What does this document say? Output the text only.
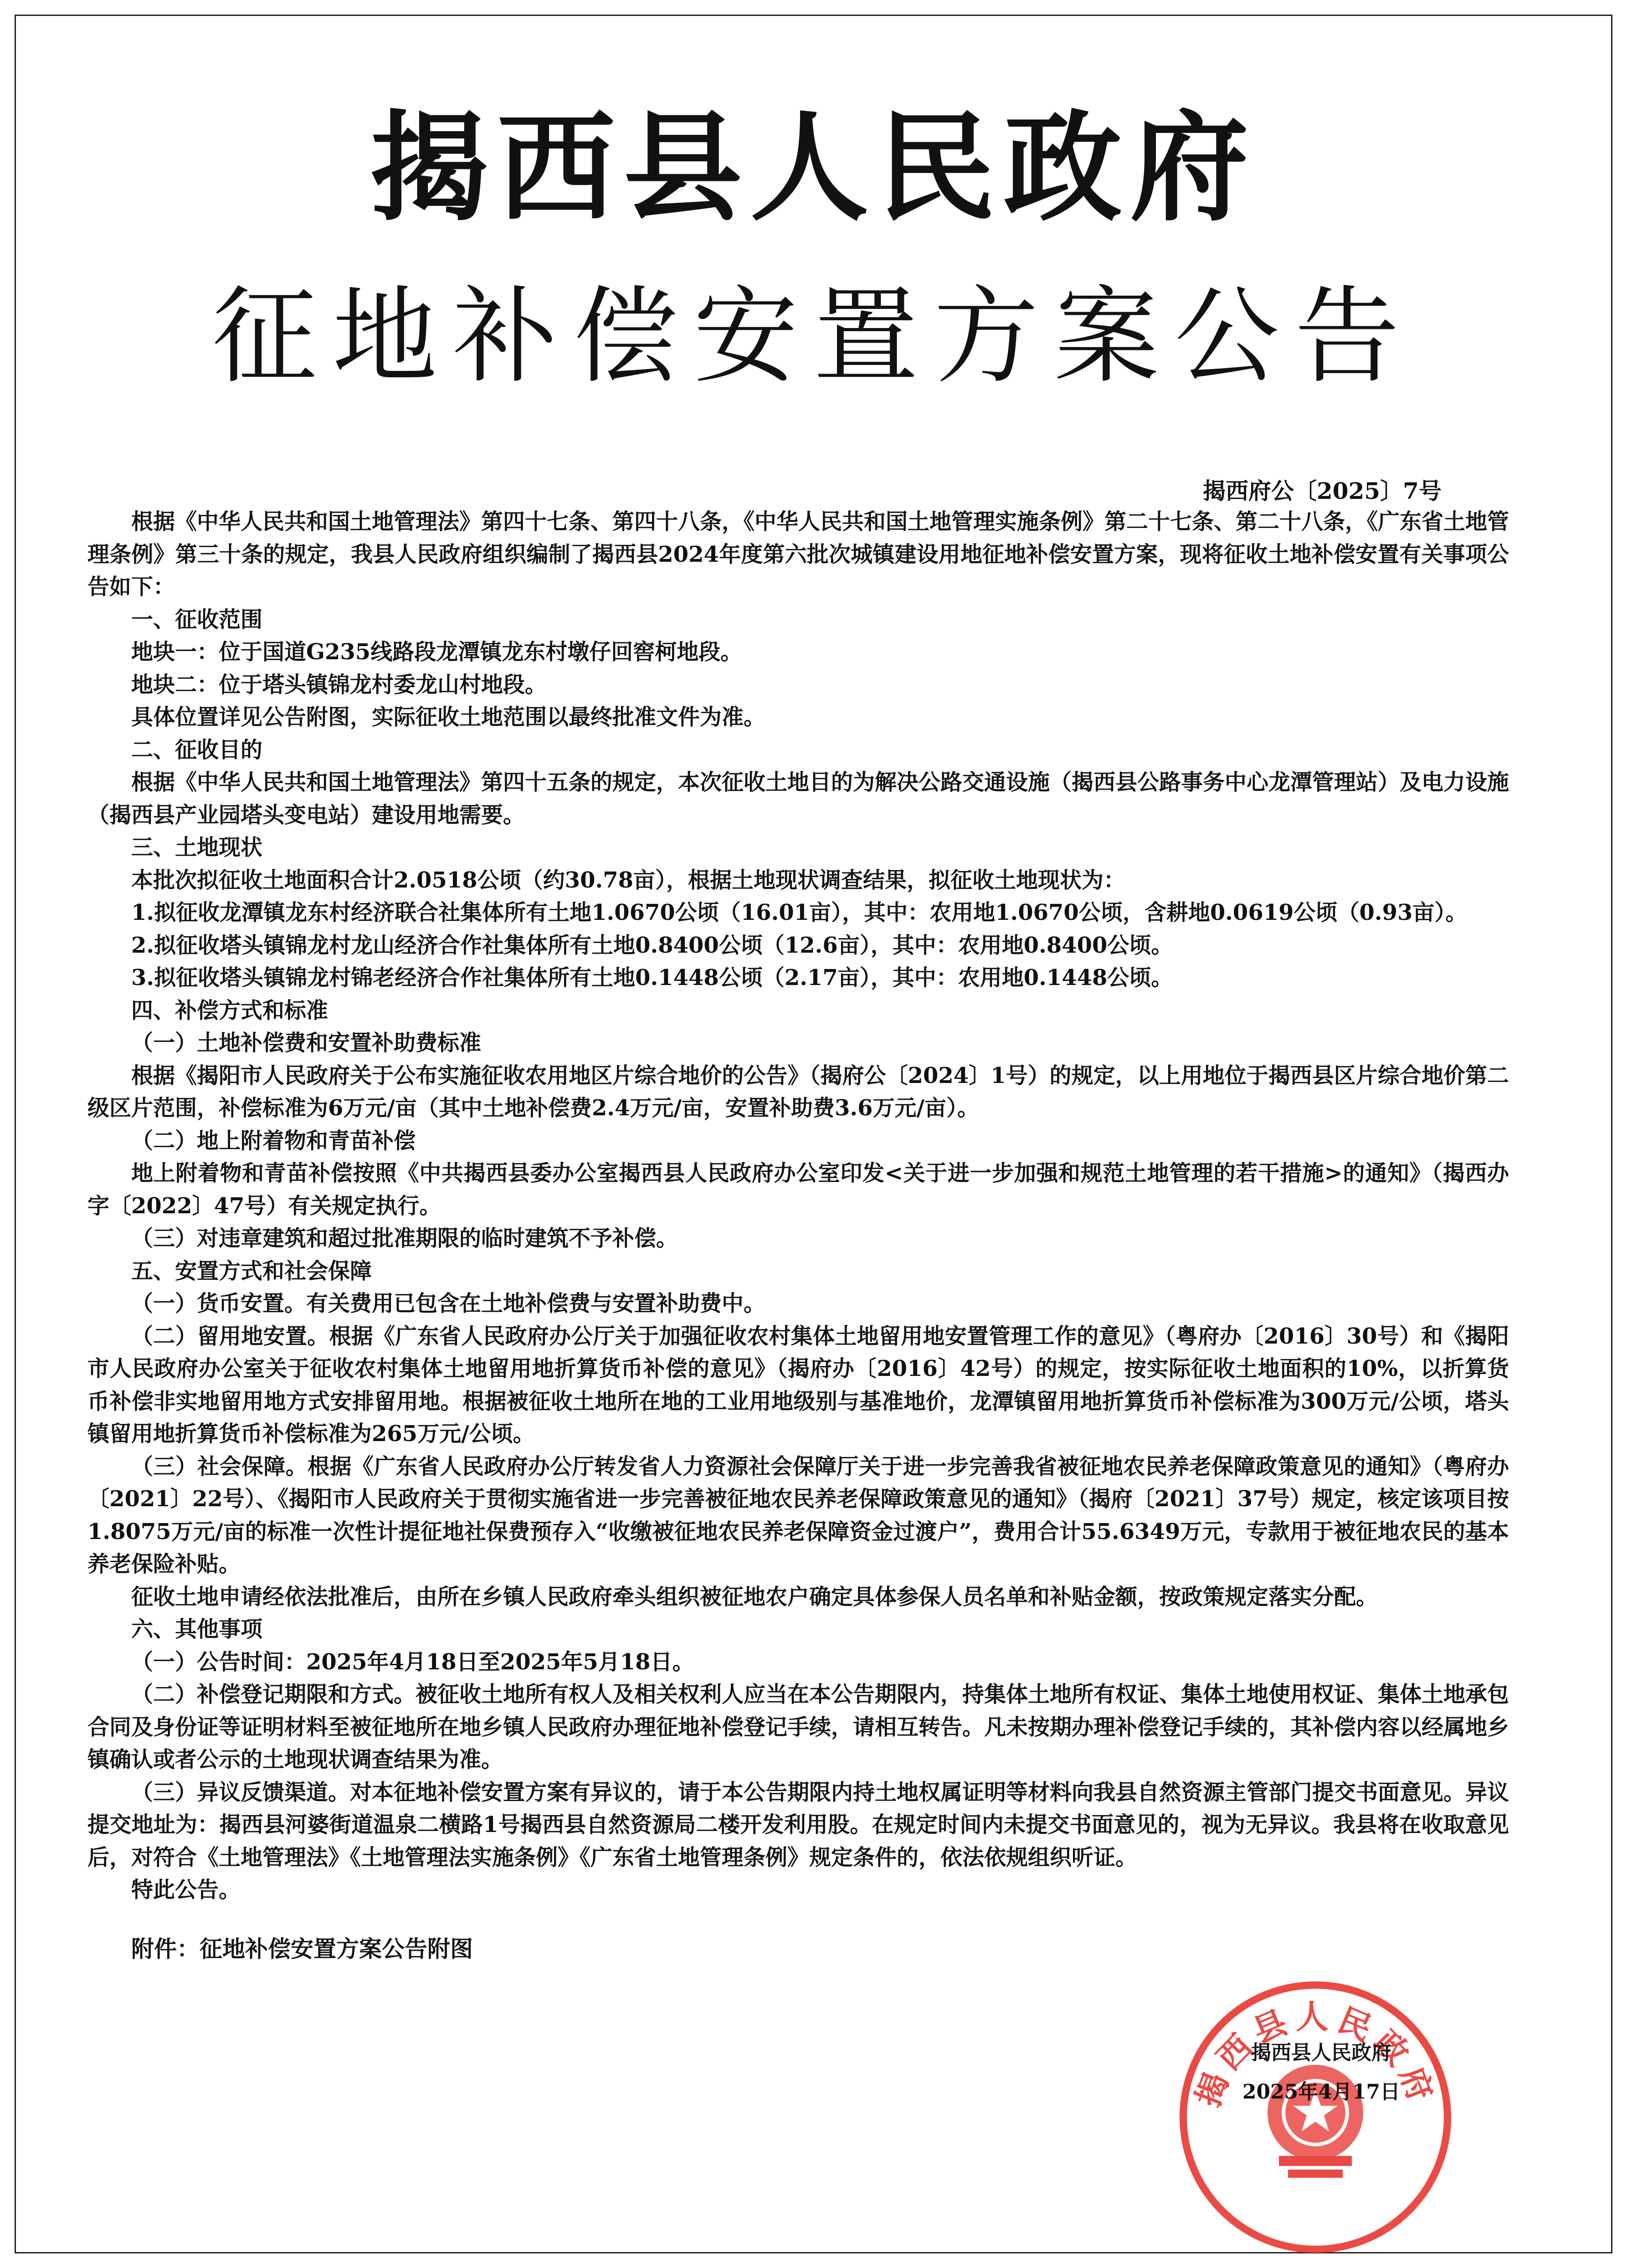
揭西县人民政府
征地补偿安置方案公告
揭西府公〔2025〕7号

根据《中华人民共和国土地管理法》第四十七条、第四十八条，《中华人民共和国土地管理实施条例》第二十七条、第二十八条，《广东省土地管理条例》第三十条的规定，我县人民政府组织编制了揭西县2024年度第六批次城镇建设用地征地补偿安置方案，现将征收土地补偿安置有关事项公告如下：

一、征收范围

地块一：位于国道G235线路段龙潭镇龙东村墩仔回窖柯地段。

地块二：位于塔头镇锦龙村委龙山村地段。

具体位置详见公告附图，实际征收土地范围以最终批准文件为准。

二、征收目的

根据《中华人民共和国土地管理法》第四十五条的规定，本次征收土地目的为解决公路交通设施（揭西县公路事务中心龙潭管理站）及电力设施（揭西县产业园塔头变电站）建设用地需要。

三、土地现状

本批次拟征收土地面积合计2.0518公顷（约30.78亩），根据土地现状调查结果，拟征收土地现状为：

1.拟征收龙潭镇龙东村经济联合社集体所有土地1.0670公顷（16.01亩），其中：农用地1.0670公顷，含耕地0.0619公顷（0.93亩）。

2.拟征收塔头镇锦龙村龙山经济合作社集体所有土地0.8400公顷（12.6亩），其中：农用地0.8400公顷。

3.拟征收塔头镇锦龙村锦老经济合作社集体所有土地0.1448公顷（2.17亩），其中：农用地0.1448公顷。

四、补偿方式和标准

（一）土地补偿费和安置补助费标准

根据《揭阳市人民政府关于公布实施征收农用地区片综合地价的公告》（揭府公〔2024〕1号）的规定，以上用地位于揭西县区片综合地价第二级区片范围，补偿标准为6万元/亩（其中土地补偿费2.4万元/亩，安置补助费3.6万元/亩）。

（二）地上附着物和青苗补偿

地上附着物和青苗补偿按照《中共揭西县委办公室揭西县人民政府办公室印发<关于进一步加强和规范土地管理的若干措施>的通知》（揭西办字〔2022〕47号）有关规定执行。

（三）对违章建筑和超过批准期限的临时建筑不予补偿。

五、安置方式和社会保障

（一）货币安置。有关费用已包含在土地补偿费与安置补助费中。

（二）留用地安置。根据《广东省人民政府办公厅关于加强征收农村集体土地留用地安置管理工作的意见》（粤府办〔2016〕30号）和《揭阳市人民政府办公室关于征收农村集体土地留用地折算货币补偿的意见》（揭府办〔2016〕42号）的规定，按实际征收土地面积的10%，以折算货币补偿非实地留用地方式安排留用地。根据被征收土地所在地的工业用地级别与基准地价，龙潭镇留用地折算货币补偿标准为300万元/公顷，塔头镇留用地折算货币补偿标准为265万元/公顷。

（三）社会保障。根据《广东省人民政府办公厅转发省人力资源社会保障厅关于进一步完善我省被征地农民养老保障政策意见的通知》（粤府办〔2021〕22号）、《揭阳市人民政府关于贯彻实施省进一步完善被征地农民养老保障政策意见的通知》（揭府〔2021〕37号）规定，核定该项目按1.8075万元/亩的标准一次性计提征地社保费预存入“收缴被征地农民养老保障资金过渡户”，费用合计55.6349万元，专款用于被征地农民的基本养老保险补贴。

征收土地申请经依法批准后，由所在乡镇人民政府牵头组织被征地农户确定具体参保人员名单和补贴金额，按政策规定落实分配。

六、其他事项

（一）公告时间：2025年4月18日至2025年5月18日。

（二）补偿登记期限和方式。被征收土地所有权人及相关权利人应当在本公告期限内，持集体土地所有权证、集体土地使用权证、集体土地承包合同及身份证等证明材料至被征地所在地乡镇人民政府办理征地补偿登记手续，请相互转告。凡未按期办理补偿登记手续的，其补偿内容以经属地乡镇确认或者公示的土地现状调查结果为准。

（三）异议反馈渠道。对本征地补偿安置方案有异议的，请于本公告期限内持土地权属证明等材料向我县自然资源主管部门提交书面意见。异议提交地址为：揭西县河婆街道温泉二横路1号揭西县自然资源局二楼开发利用股。在规定时间内未提交书面意见的，视为无异议。我县将在收取意见后，对符合《土地管理法》《土地管理法实施条例》《广东省土地管理条例》规定条件的，依法依规组织听证。

特此公告。

附件：征地补偿安置方案公告附图
揭西县人民政府
揭西县人民政府
2025年4月17日
